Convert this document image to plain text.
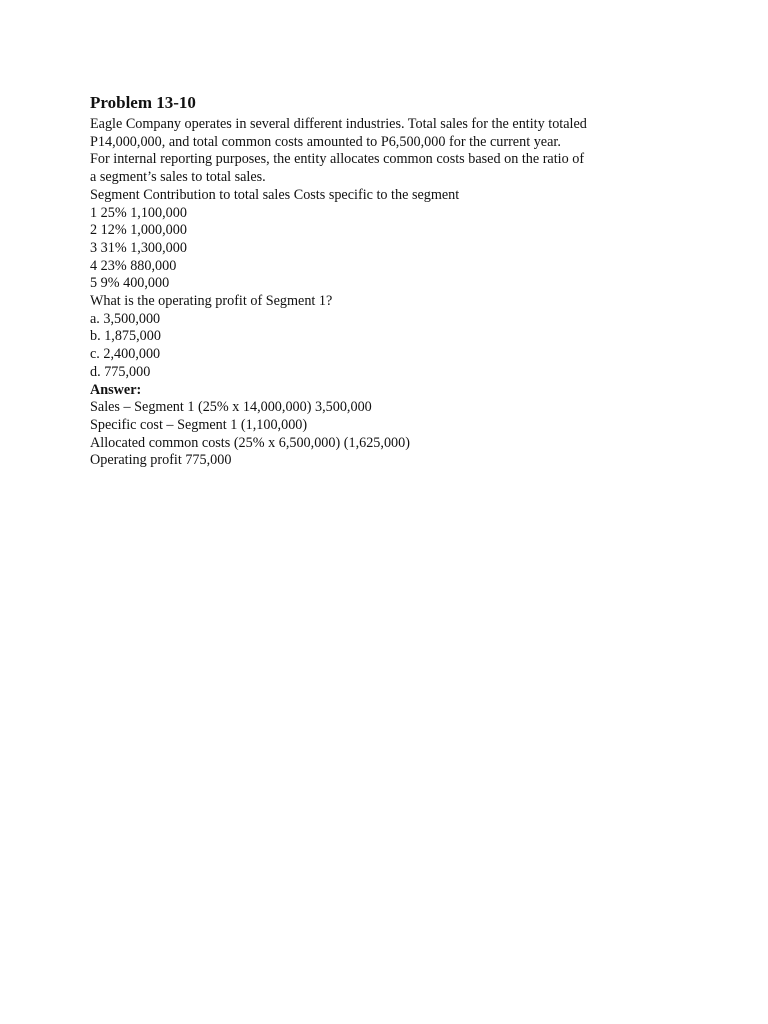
Problem 13-10
Eagle Company operates in several different industries. Total sales for the entity totaled
P14,000,000, and total common costs amounted to P6,500,000 for the current year.
For internal reporting purposes, the entity allocates common costs based on the ratio of
a segment’s sales to total sales.
Segment Contribution to total sales Costs specific to the segment
1 25% 1,100,000
2 12% 1,000,000
3 31% 1,300,000
4 23% 880,000
5 9% 400,000
What is the operating profit of Segment 1?
a. 3,500,000
b. 1,875,000
c. 2,400,000
d. 775,000
Answer:
Sales – Segment 1 (25% x 14,000,000) 3,500,000
Specific cost – Segment 1 (1,100,000)
Allocated common costs (25% x 6,500,000) (1,625,000)
Operating profit 775,000
